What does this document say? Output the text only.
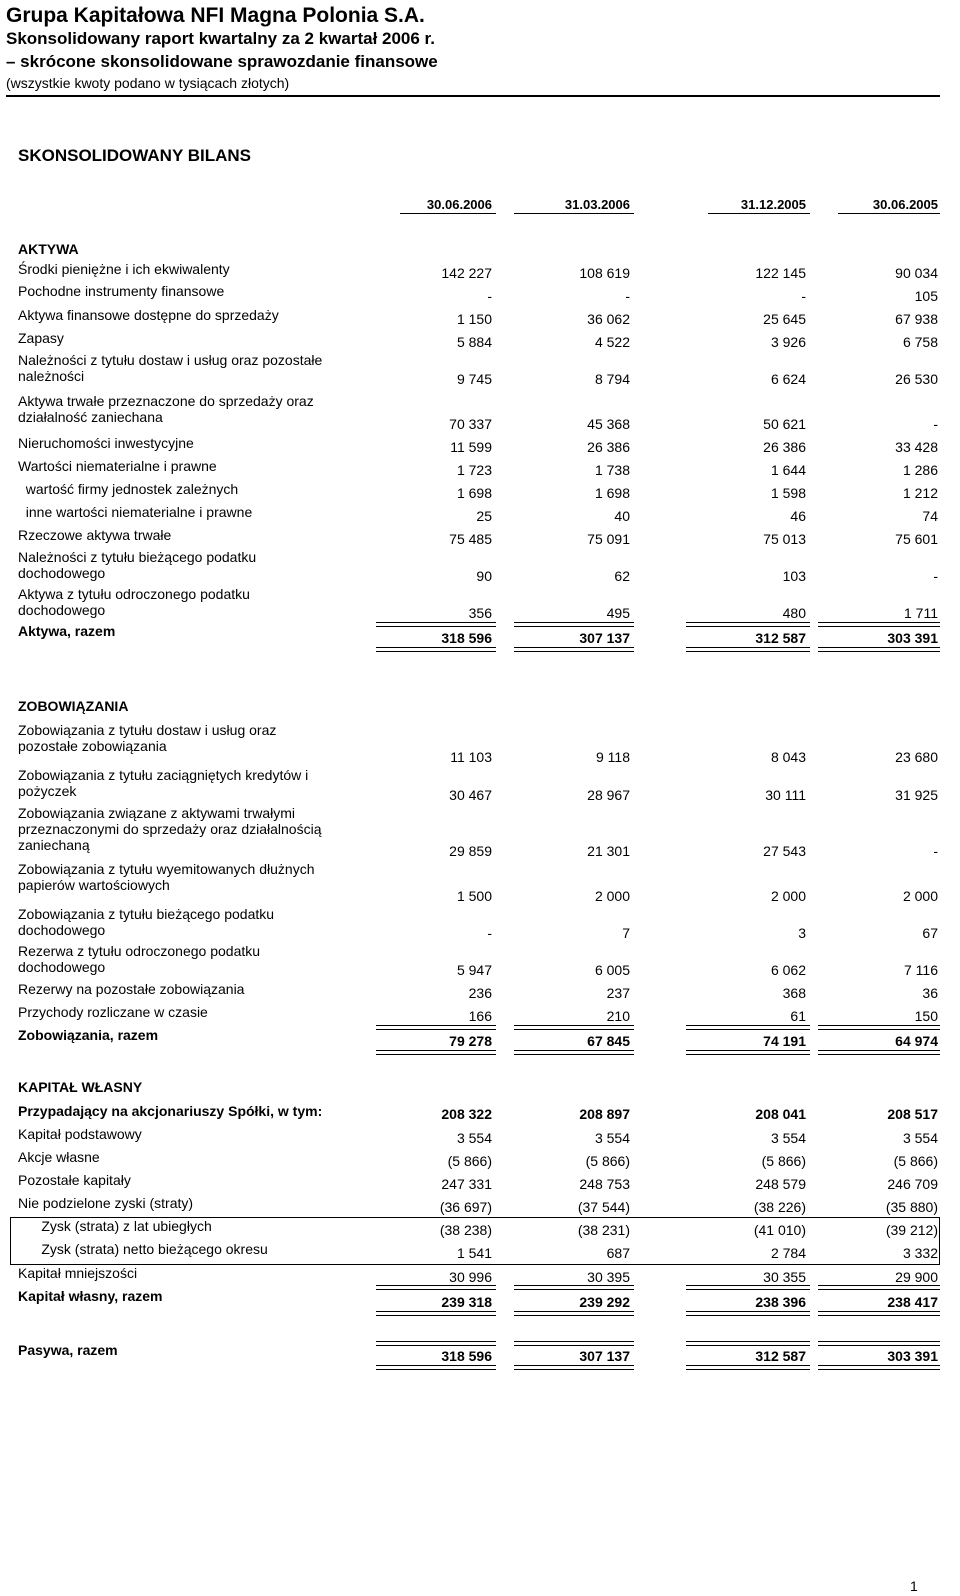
Grupa Kapitałowa NFI Magna Polonia S.A.
Skonsolidowany raport kwartalny za 2 kwartał 2006 r.
– skrócone skonsolidowane sprawozdanie finansowe
(wszystkie kwoty podano w tysiącach złotych)
SKONSOLIDOWANY BILANS
30.06.2006	31.03.2006	31.12.2005	30.06.2005
AKTYWA
Środki pieniężne i ich ekwiwalenty	142 227	108 619	122 145	90 034
Pochodne instrumenty finansowe	-	-	-	105
Aktywa finansowe dostępne do sprzedaży	1 150	36 062	25 645	67 938
Zapasy	5 884	4 522	3 926	6 758
Należności z tytułu dostaw i usług oraz pozostałe
należności	9 745	8 794	6 624	26 530
Aktywa trwałe przeznaczone do sprzedaży oraz
działalność zaniechana	70 337	45 368	50 621	-
Nieruchomości inwestycyjne	11 599	26 386	26 386	33 428
Wartości niematerialne i prawne	1 723	1 738	1 644	1 286
wartość firmy jednostek zależnych	1 698	1 698	1 598	1 212
inne wartości niematerialne i prawne	25	40	46	74
Rzeczowe aktywa trwałe	75 485	75 091	75 013	75 601
Należności z tytułu bieżącego podatku
dochodowego	90	62	103	-
Aktywa z tytułu odroczonego podatku
dochodowego	356	495	480	1 711
Aktywa, razem	318 596	307 137	312 587	303 391
ZOBOWIĄZANIA
Zobowiązania z tytułu dostaw i usług oraz
pozostałe zobowiązania
11 103	9 118	8 043	23 680
Zobowiązania z tytułu zaciągniętych kredytów i
pożyczek	30 467	28 967	30 111	31 925
Zobowiązania związane z aktywami trwałymi
przeznaczonymi do sprzedaży oraz działalnością
zaniechaną	29 859	21 301	27 543	-
Zobowiązania z tytułu wyemitowanych dłużnych
papierów wartościowych
1 500	2 000	2 000	2 000
Zobowiązania z tytułu bieżącego podatku
dochodowego	-	7	3	67
Rezerwa z tytułu odroczonego podatku
dochodowego	5 947	6 005	6 062	7 116
Rezerwy na pozostałe zobowiązania	236	237	368	36
Przychody rozliczane w czasie	166	210	61	150
Zobowiązania, razem	79 278	67 845	74 191	64 974
KAPITAŁ WŁASNY
Przypadający na akcjonariuszy Spółki, w tym:	208 322	208 897	208 041	208 517
Kapitał podstawowy	3 554	3 554	3 554	3 554
Akcje własne	(5 866)	(5 866)	(5 866)	(5 866)
Pozostałe kapitały	247 331	248 753	248 579	246 709
Nie podzielone zyski (straty)	(36 697)	(37 544)	(38 226)	(35 880)
Zysk (strata) z lat ubiegłych	(38 238)	(38 231)	(41 010)	(39 212)
Zysk (strata) netto bieżącego okresu	1 541	687	2 784	3 332
Kapitał mniejszości	30 996	30 395	30 355	29 900
Kapitał własny, razem	239 318	239 292	238 396	238 417
Pasywa, razem	318 596	307 137	312 587	303 391
1
